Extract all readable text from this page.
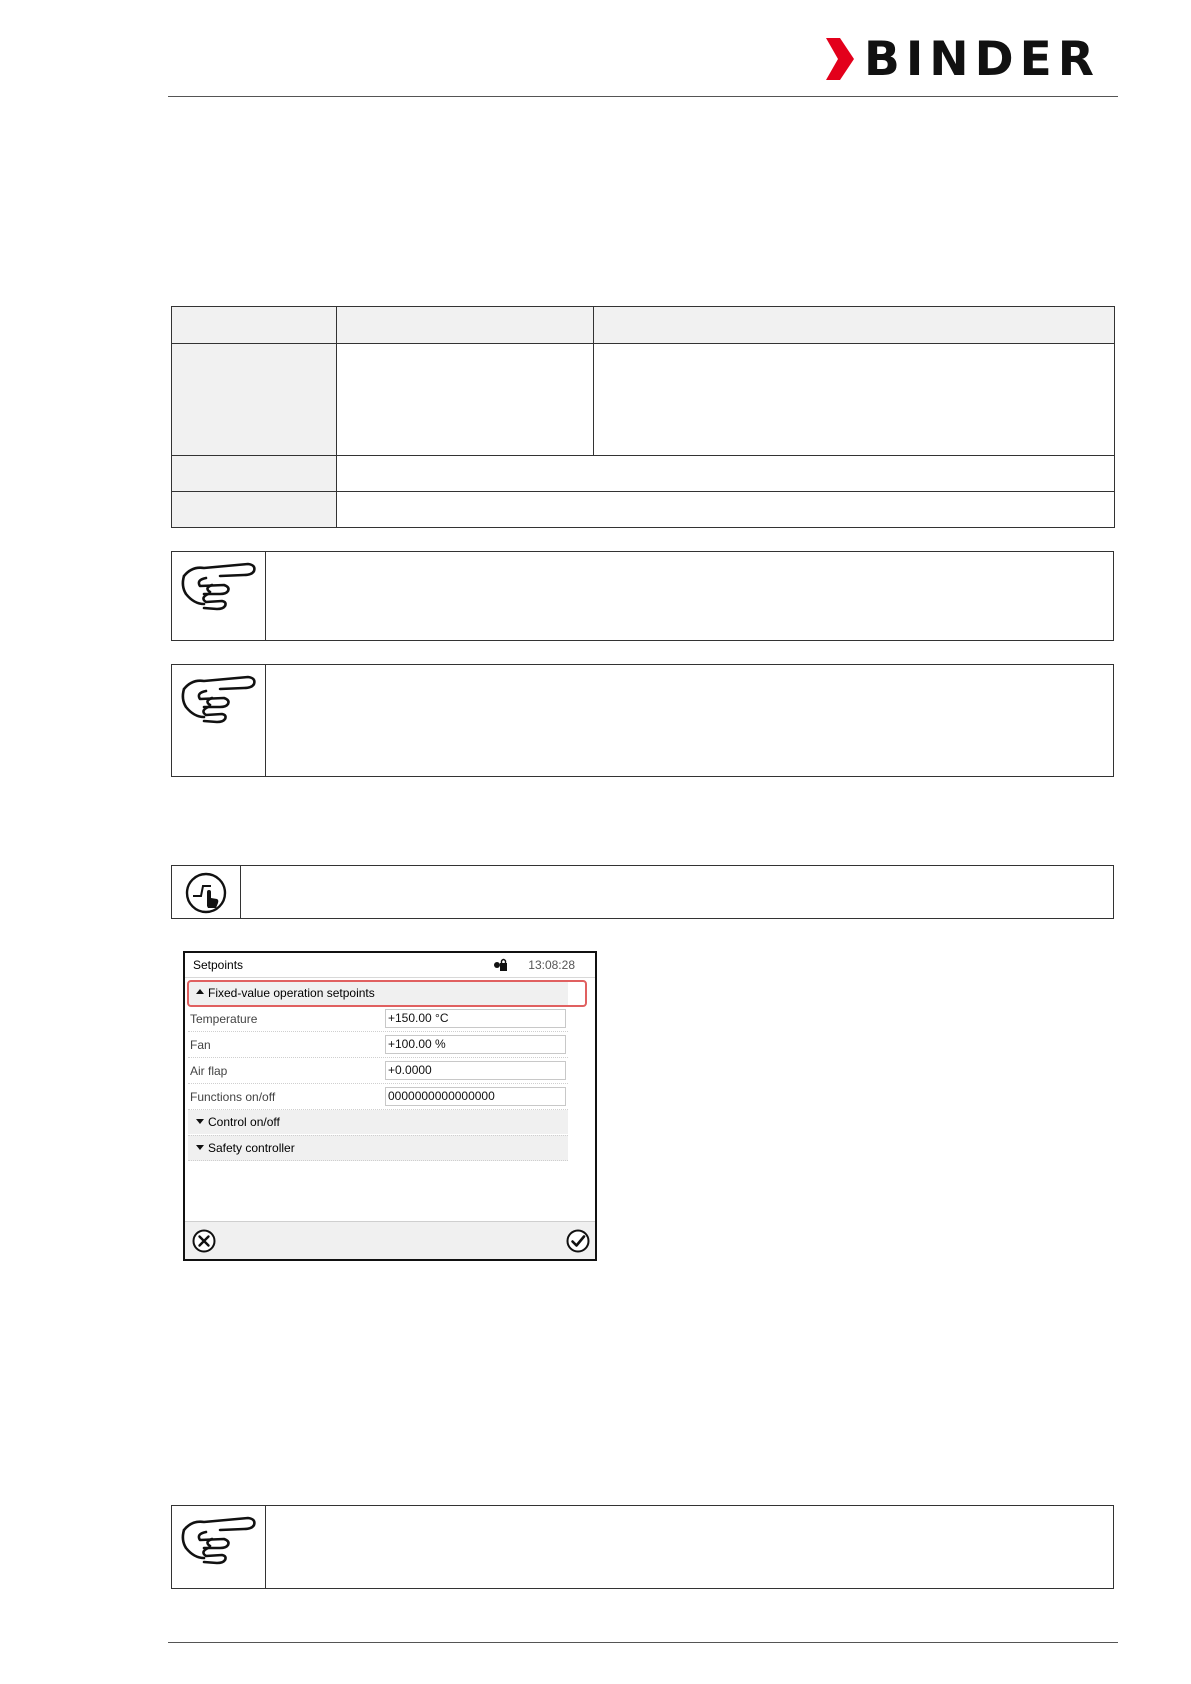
BINDER
Setpoints	13:08:28
Fixed-value operation setpoints
Temperature	+150.00 °C
Fan	+100.00 %
Air flap	+0.0000
Functions on/off	0000000000000000
Control on/off
Safety controller
